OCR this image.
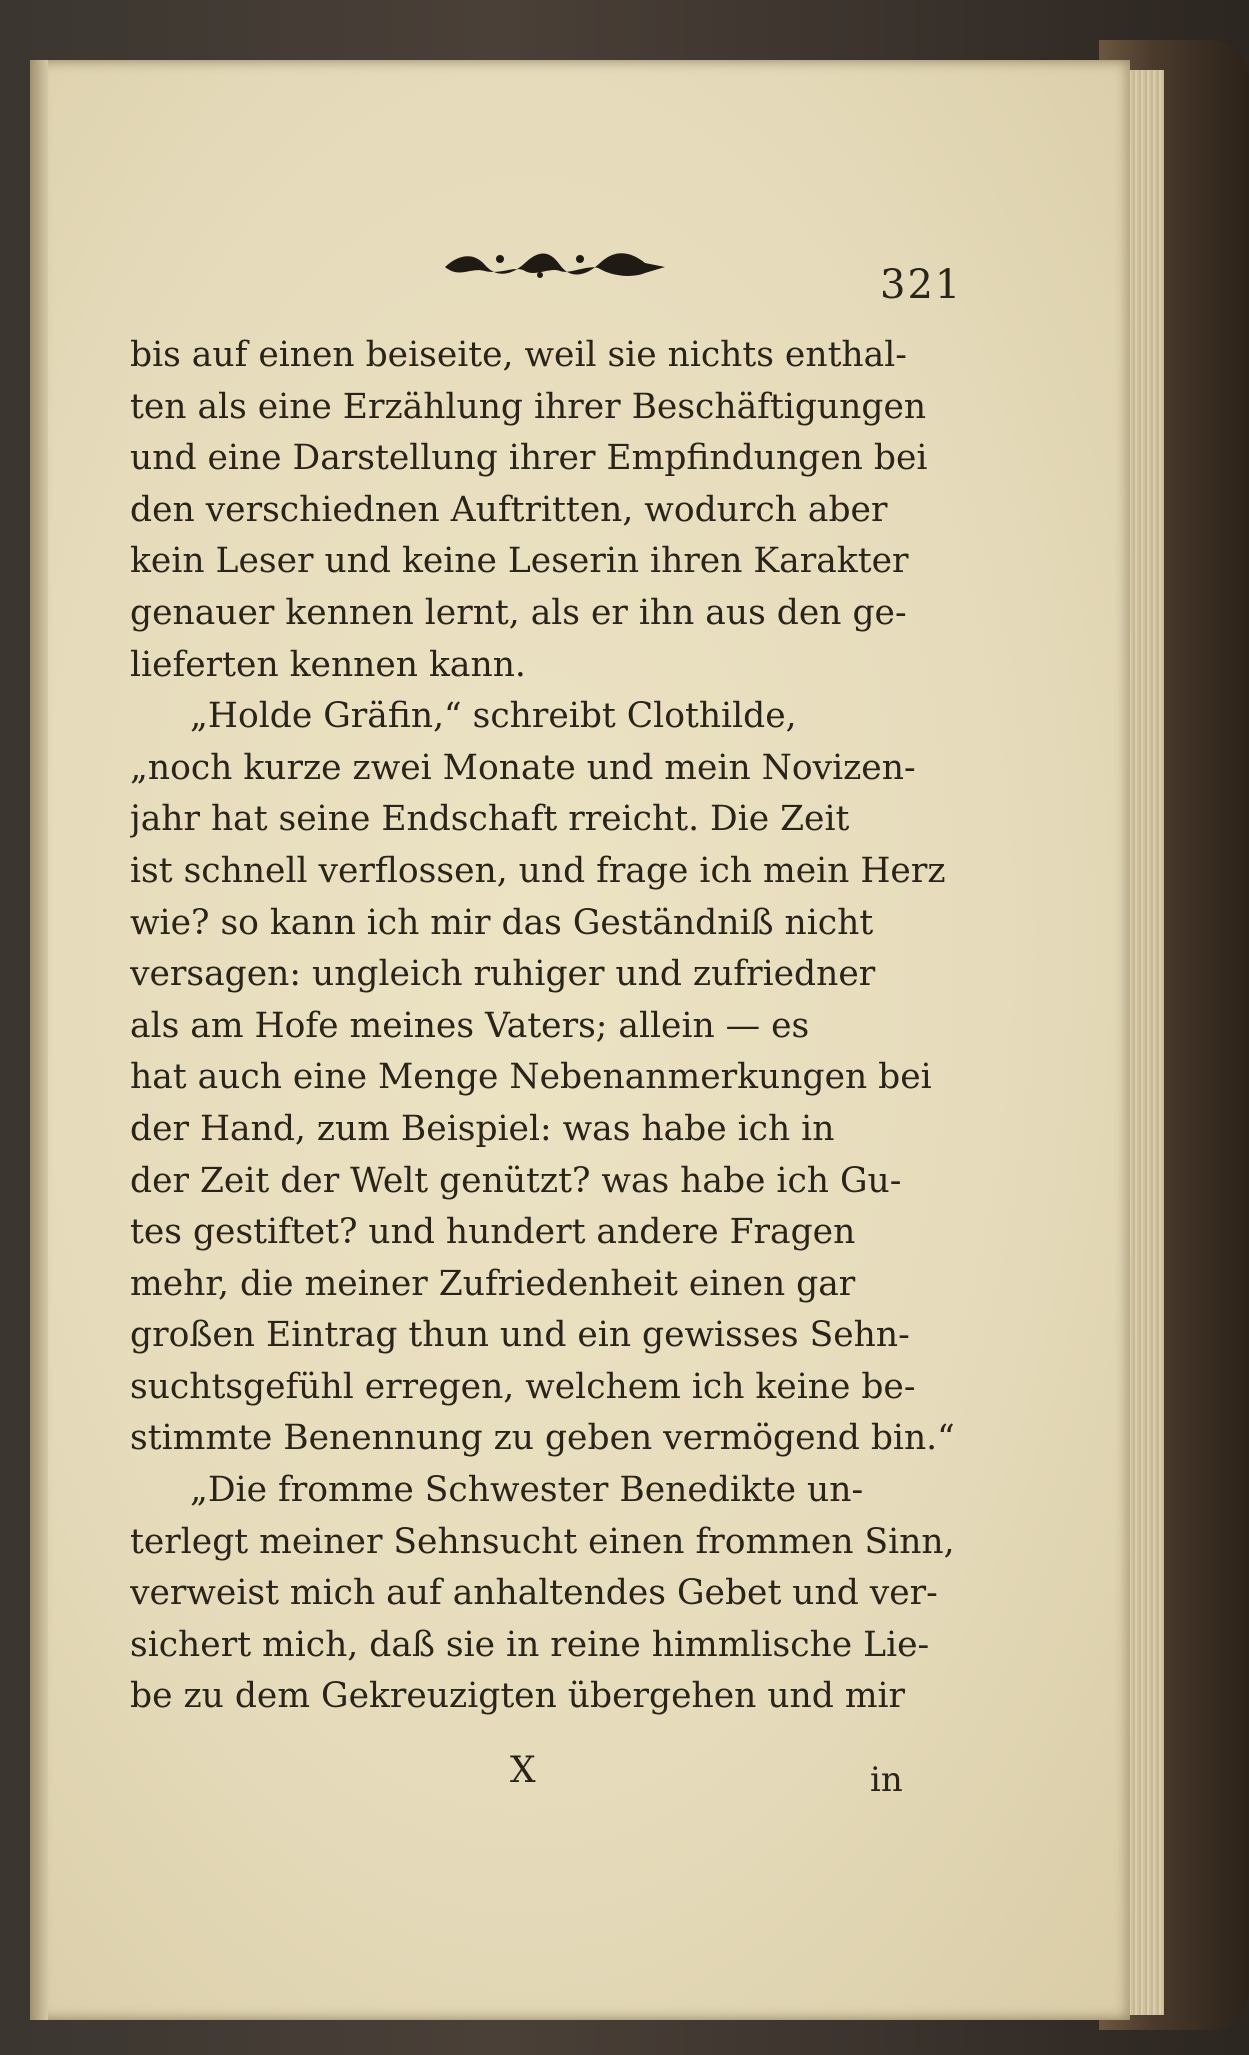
321
bis auf einen beiseite, weil sie nichts enthal-
ten als eine Erzählung ihrer Beschäftigungen
und eine Darstellung ihrer Empfindungen bei
den verschiednen Auftritten, wodurch aber
kein Leser und keine Leserin ihren Karakter
genauer kennen lernt, als er ihn aus den ge-
lieferten kennen kann.
„Holde Gräfin,“ schreibt Clothilde,
„noch kurze zwei Monate und mein Novizen-
jahr hat seine Endschaft rreicht. Die Zeit
ist schnell verflossen, und frage ich mein Herz
wie? so kann ich mir das Geständniß nicht
versagen: ungleich ruhiger und zufriedner
als am Hofe meines Vaters; allein — es
hat auch eine Menge Nebenanmerkungen bei
der Hand, zum Beispiel: was habe ich in
der Zeit der Welt genützt? was habe ich Gu-
tes gestiftet? und hundert andere Fragen
mehr, die meiner Zufriedenheit einen gar
großen Eintrag thun und ein gewisses Sehn-
suchtsgefühl erregen, welchem ich keine be-
stimmte Benennung zu geben vermögend bin.“
„Die fromme Schwester Benedikte un-
terlegt meiner Sehnsucht einen frommen Sinn,
verweist mich auf anhaltendes Gebet und ver-
sichert mich, daß sie in reine himmlische Lie-
be zu dem Gekreuzigten übergehen und mir
X	in
